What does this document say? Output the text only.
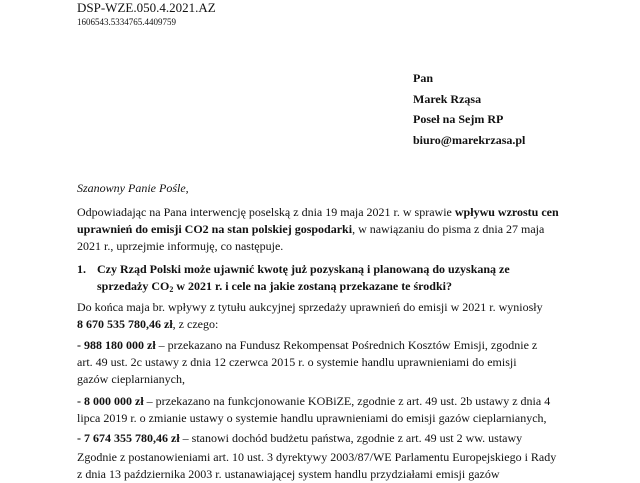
DSP-WZE.050.4.2021.AZ
1606543.5334765.4409759
Pan
Marek Rząsa
Poseł na Sejm RP
biuro@marekrzasa.pl
Szanowny Panie Pośle,
Odpowiadając na Pana interwencję poselską z dnia 19 maja 2021 r. w sprawie wpływu wzrostu cen
uprawnień do emisji CO2 na stan polskiej gospodarki, w nawiązaniu do pisma z dnia 27 maja
2021 r., uprzejmie informuję, co następuje.
1. Czy Rząd Polski może ujawnić kwotę już pozyskaną i planowaną do uzyskaną ze
sprzedaży $CO_2$ w 2021 r. i cele na jakie zostaną przekazane te środki?
Do końca maja br. wpływy z tytułu aukcyjnej sprzedaży uprawnień do emisji w 2021 r. wyniosły
8 670 535 780,46 zł, z czego:
- 988 180 000 zł – przekazano na Fundusz Rekompensat Pośrednich Kosztów Emisji, zgodnie z
art. 49 ust. 2c ustawy z dnia 12 czerwca 2015 r. o systemie handlu uprawnieniami do emisji
gazów cieplarnianych,
- 8 000 000 zł – przekazano na funkcjonowanie KOBiZE, zgodnie z art. 49 ust. 2b ustawy z dnia 4
lipca 2019 r. o zmianie ustawy o systemie handlu uprawnieniami do emisji gazów cieplarnianych,
- 7 674 355 780,46 zł – stanowi dochód budżetu państwa, zgodnie z art. 49 ust 2 ww. ustawy
Zgodnie z postanowieniami art. 10 ust. 3 dyrektywy 2003/87/WE Parlamentu Europejskiego i Rady
z dnia 13 października 2003 r. ustanawiającej system handlu przydziałami emisji gazów
